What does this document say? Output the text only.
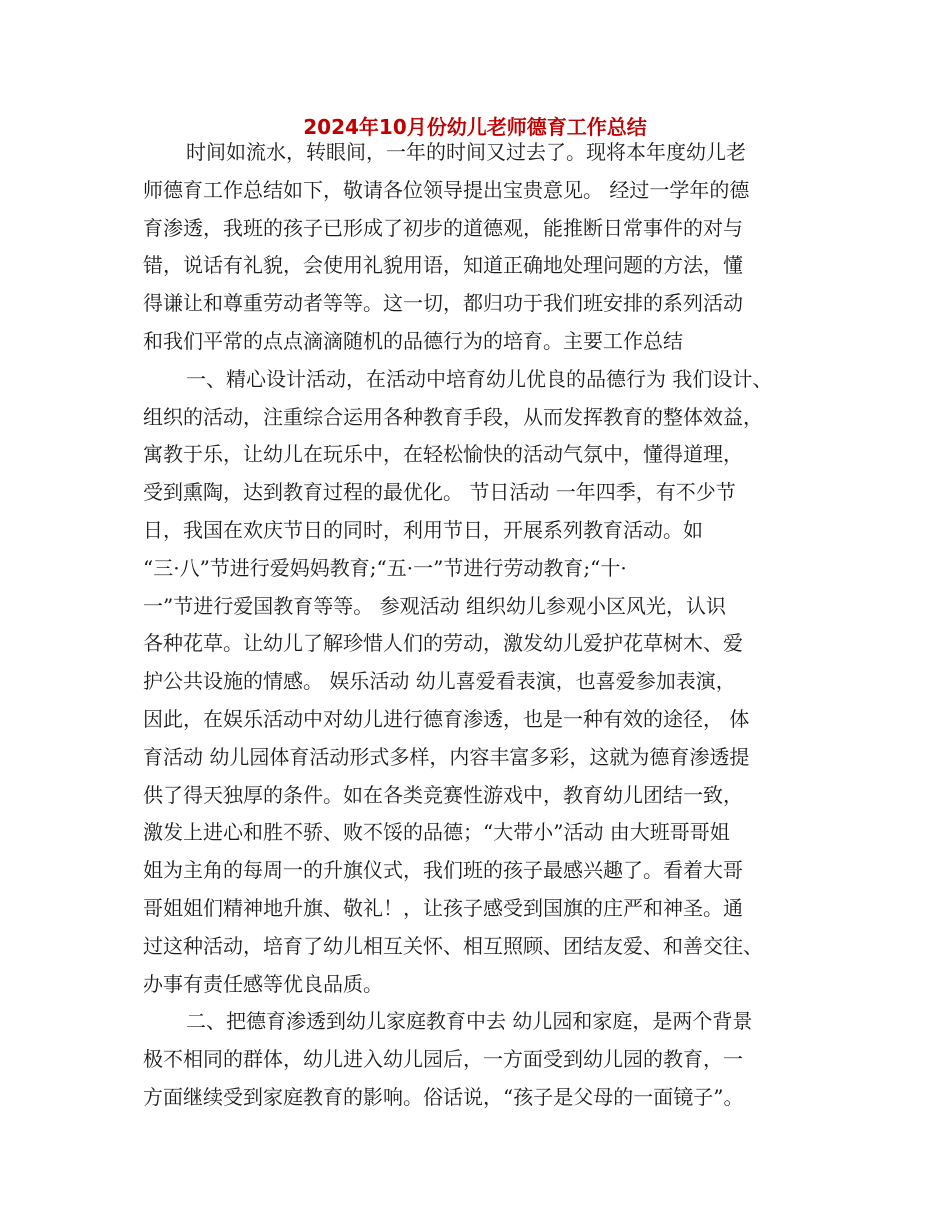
2024年10月份幼儿老师德育工作总结
时间如流水，转眼间，一年的时间又过去了。现将本年度幼儿老
师德育工作总结如下，敬请各位领导提出宝贵意见。 经过一学年的德
育渗透，我班的孩子已形成了初步的道德观，能推断日常事件的对与
错，说话有礼貌，会使用礼貌用语，知道正确地处理问题的方法，懂
得谦让和尊重劳动者等等。这一切，都归功于我们班安排的系列活动
和我们平常的点点滴滴随机的品德行为的培育。主要工作总结
一、精心设计活动，在活动中培育幼儿优良的品德行为 我们设计、
组织的活动，注重综合运用各种教育手段，从而发挥教育的整体效益，
寓教于乐，让幼儿在玩乐中，在轻松愉快的活动气氛中，懂得道理，
受到熏陶，达到教育过程的最优化。 节日活动 一年四季，有不少节
日，我国在欢庆节日的同时，利用节日，开展系列教育活动。如
“三·八”节进行爱妈妈教育;“五·一”节进行劳动教育;“十·
一”节进行爱国教育等等。 参观活动 组织幼儿参观小区风光，认识
各种花草。让幼儿了解珍惜人们的劳动，激发幼儿爱护花草树木、爱
护公共设施的情感。 娱乐活动 幼儿喜爱看表演，也喜爱参加表演，
因此，在娱乐活动中对幼儿进行德育渗透，也是一种有效的途径， 体
育活动 幼儿园体育活动形式多样，内容丰富多彩，这就为德育渗透提
供了得天独厚的条件。如在各类竞赛性游戏中，教育幼儿团结一致，
激发上进心和胜不骄、败不馁的品德；“大带小”活动 由大班哥哥姐
姐为主角的每周一的升旗仪式，我们班的孩子最感兴趣了。看着大哥
哥姐姐们精神地升旗、敬礼！，让孩子感受到国旗的庄严和神圣。通
过这种活动，培育了幼儿相互关怀、相互照顾、团结友爱、和善交往、
办事有责任感等优良品质。
二、把德育渗透到幼儿家庭教育中去 幼儿园和家庭，是两个背景
极不相同的群体，幼儿进入幼儿园后，一方面受到幼儿园的教育，一
方面继续受到家庭教育的影响。俗话说，“孩子是父母的一面镜子”。
